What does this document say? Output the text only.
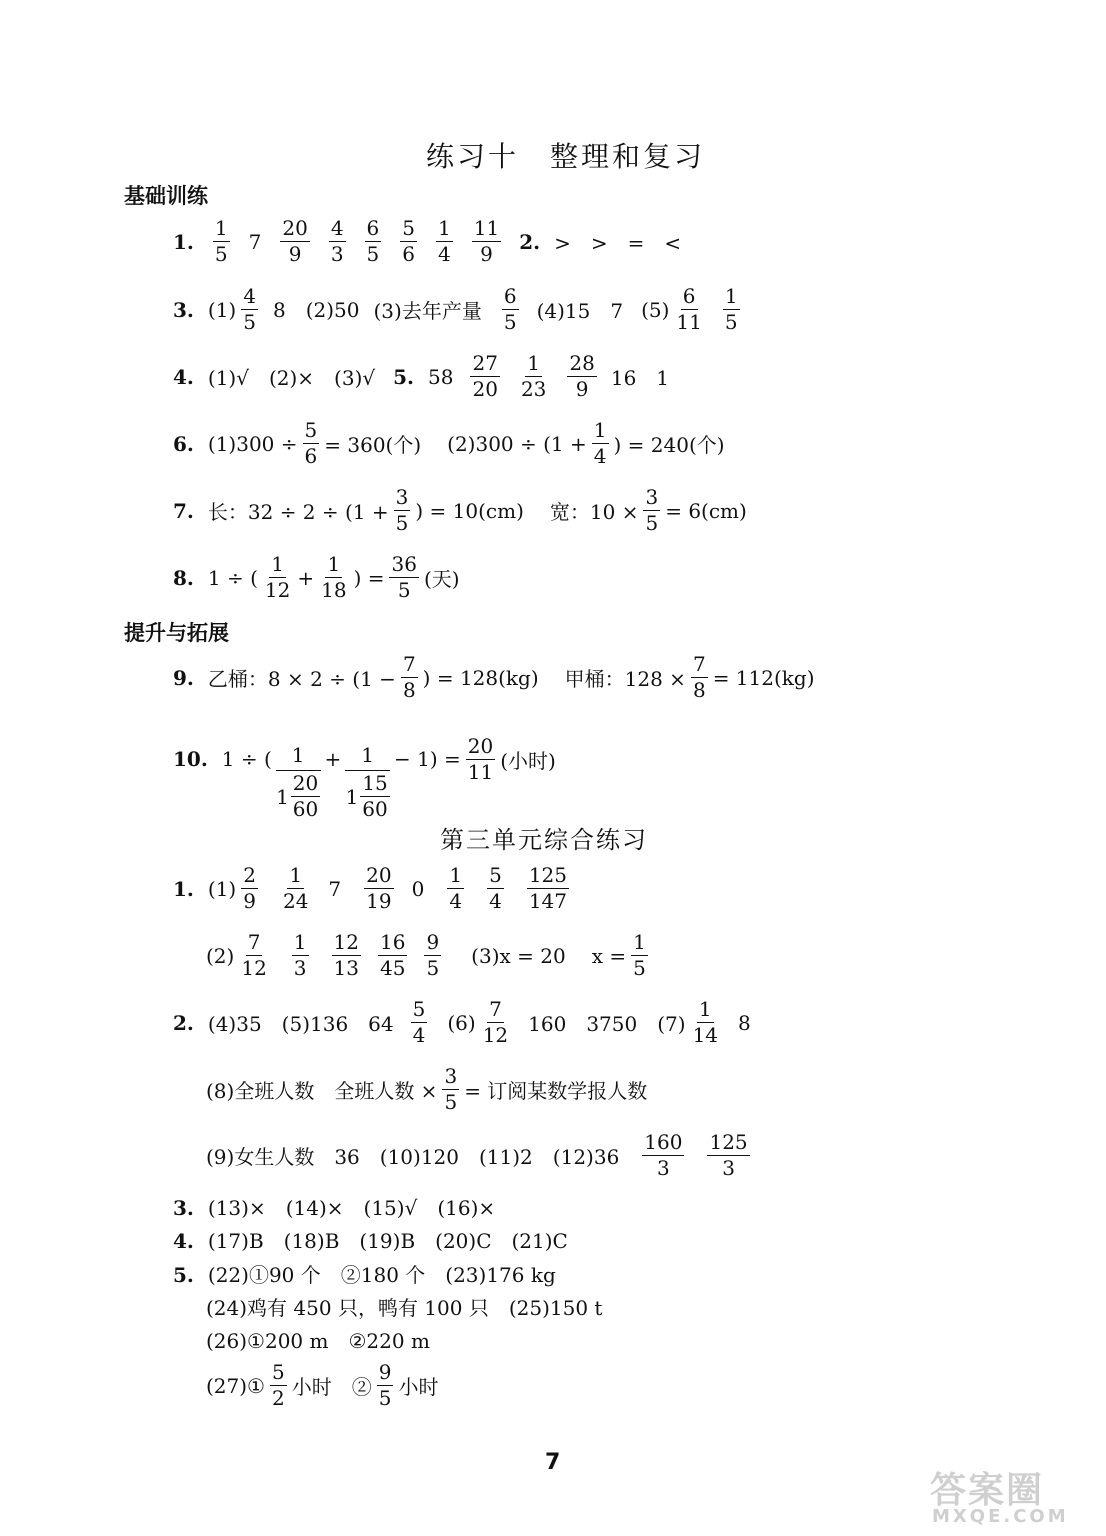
练习十　整理和复习
基础训练
1. $\frac{1}{5} 7 \frac{20}{9} \frac{4}{3} \frac{6}{5} \frac{5}{6} \frac{1}{4} \frac{11}{9} 2$. >　>　=　<
3. $(1) \frac{4}{5} 8$ (2)50 (3)去年产量 $\frac{6}{5} (4)15$　7 $(5) \frac{6}{11} \frac{1}{5}$
4. (1)√　(2)×　(3)√ 5. $58 \frac{27}{20} \frac{1}{23} \frac{28}{9} 16$　1
6. $(1)300 \div \frac{5}{6} = 360$(个) $(2)300 \div (1 + \frac{1}{4}$ ) = 240(个)
7. 长：$32 \div 2 \div (1 + \frac{3}{5}$ ) = 10(cm) 宽：$10 \times \frac{3}{5} = 6(cm)$
8. 1 ÷ ( $\frac{1}{12} + \frac{1}{18}$ ) = $\frac{36}{5}$ (天)
提升与拓展
9. 乙桶：$8 \times 2 \div (1 - \frac{7}{8}$ ) = 128(kg) 甲桶：$128 \times \frac{7}{8} = 112(kg)$
10. 1 ÷ (	1
$1 \frac{20}{60}$
+ $\frac{1}{1 \frac{15}{60}} - 1) = \frac{20}{11}$ (小时)
第三单元综合练习
1. $(1) \frac{2}{9} \frac{1}{24} 7 \frac{20}{19} 0 \frac{1}{4} \frac{5}{4} \frac{125}{147}$
$(2) \frac{7}{12} \frac{1}{3} \frac{12}{13} \frac{16}{45} \frac{9}{5} (3)x = 20$ $x = \frac{1}{5}$
2. (4)35　(5)136　$64 \frac{5}{4} (6) \frac{7}{12} 160$　3750　$(7) \frac{1}{14} 8$
(8)全班人数　全班人数 × $\frac{3}{5}$ = 订阅某数学报人数
(9)女生人数　36　(10)120　(11)2　$(12)36 \frac{160}{3} \frac{125}{3}$
3. (13)×　(14)×　(15)√　(16)×
4. (17)B　(18)B　(19)B　(20)C　(21)C
5. (22)①90 个　②180 个　(23)176 kg
(24)鸡有 450 只，鸭有 100 只　(25)150 t
(26)①200 m　②220 m
(27)① $\frac{5}{2}$ 小时　② $\frac{9}{5}$ 小时
7
答案圈
MXQE.COM
